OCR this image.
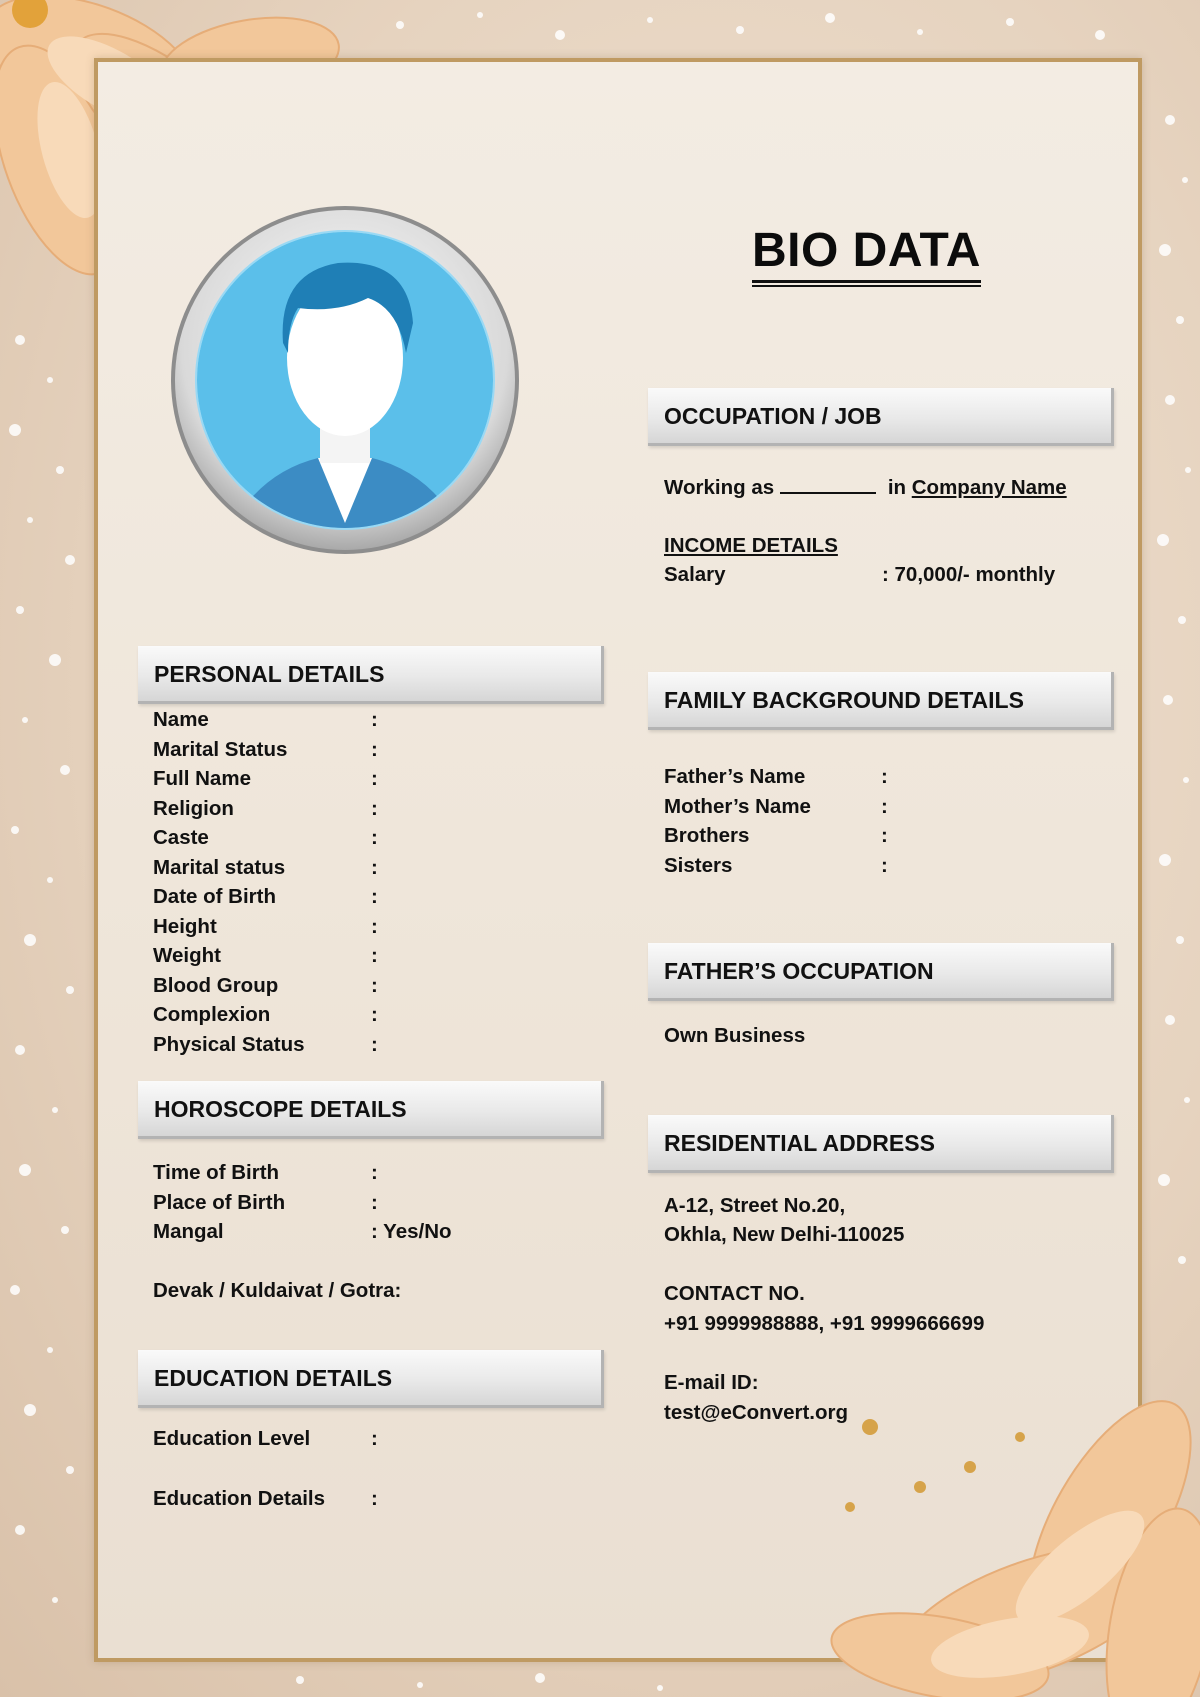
BIO DATA
OCCUPATION / JOB
Working as	in Company Name
INCOME DETAILS
Salary	: 70,000/- monthly
PERSONAL DETAILS
Name	:
Marital Status	:
Full Name	:
Religion	:
Caste	:
Marital status	:
Date of Birth	:
Height	:
Weight	:
Blood Group	:
Complexion	:
Physical Status	:
FAMILY BACKGROUND DETAILS
Father’s Name	:
Mother’s Name	:
Brothers	:
Sisters	:
FATHER’S OCCUPATION
Own Business
HOROSCOPE DETAILS
Time of Birth	:
Place of Birth	:
Mangal	: Yes/No
Devak / Kuldaivat / Gotra:
RESIDENTIAL ADDRESS
A-12, Street No.20,
Okhla, New Delhi-110025
CONTACT NO.
+91 9999988888, +91 9999666699
E-mail ID:
test@eConvert.org
EDUCATION DETAILS
Education Level	:
Education Details :
